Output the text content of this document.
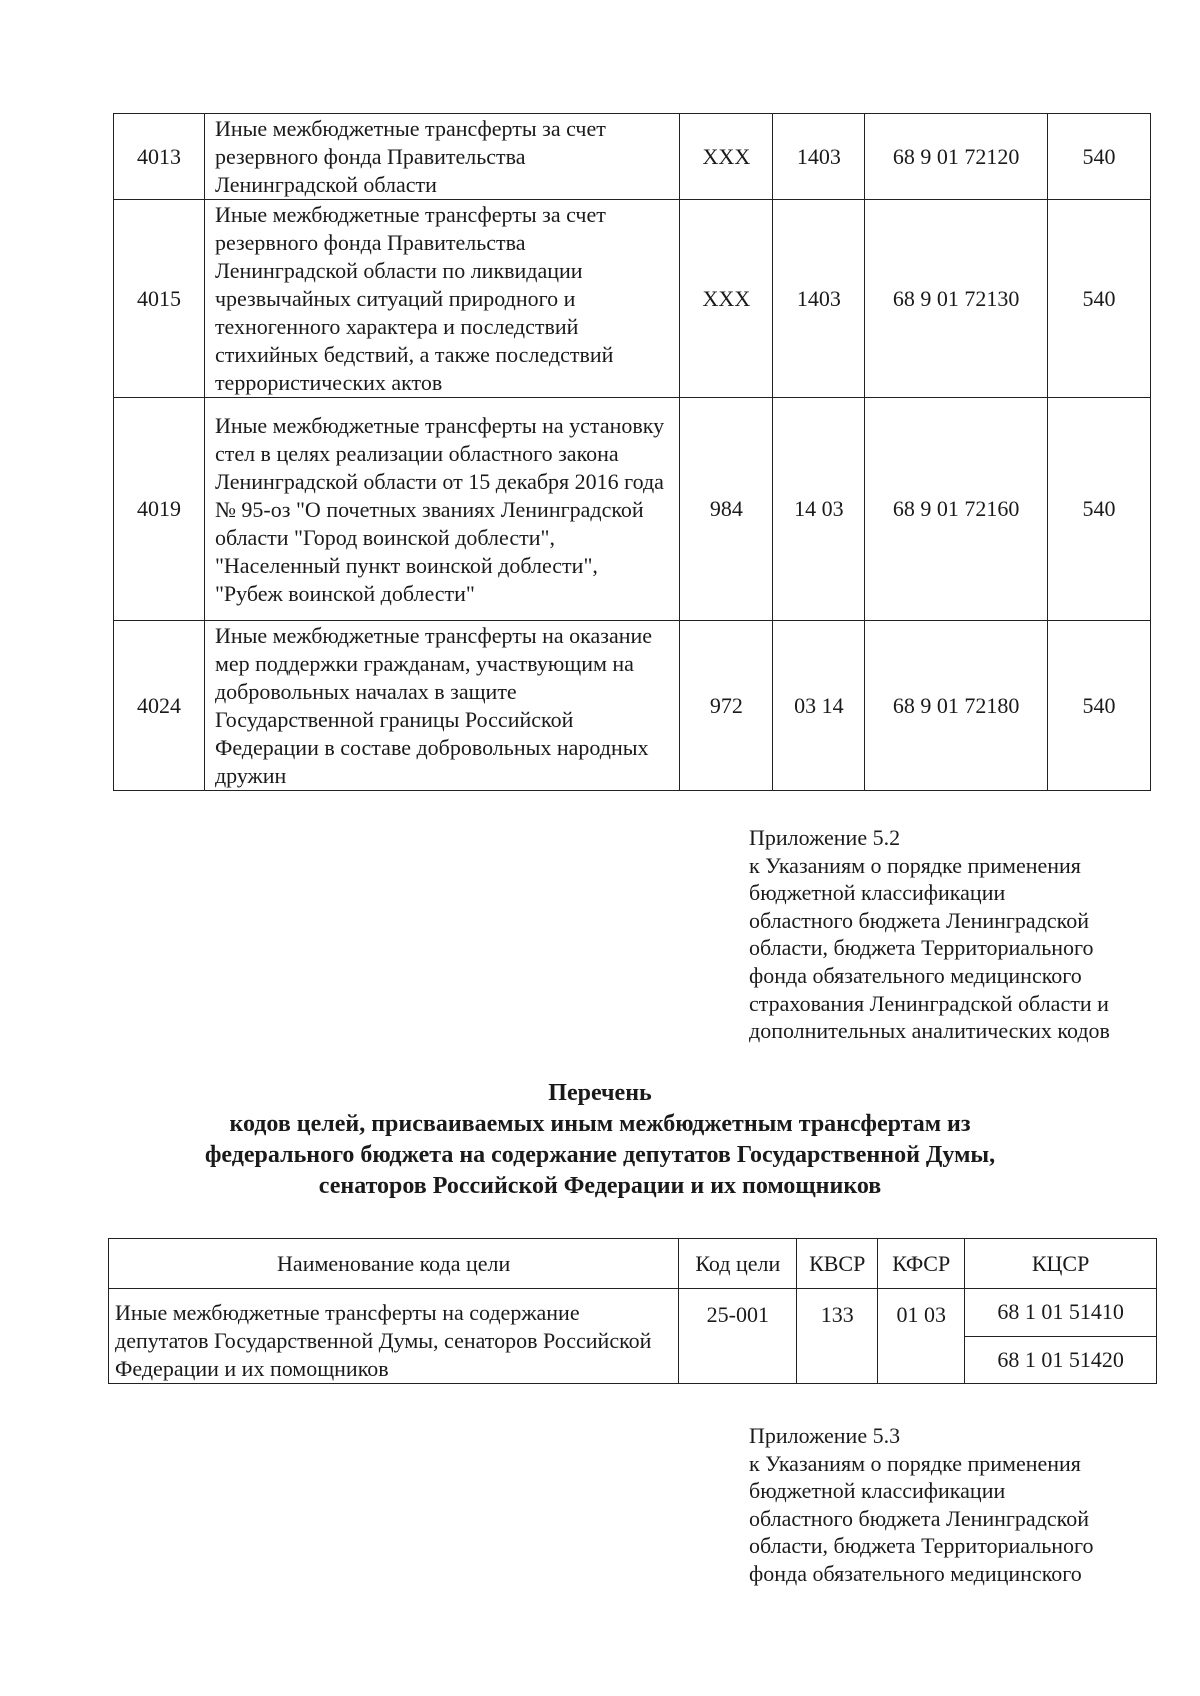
4013	Иные межбюджетные трансферты за счет резервного фонда Правительства Ленинградской области	XXX	1403	68 9 01 72120	540
4015	Иные межбюджетные трансферты за счет резервного фонда Правительства Ленинградской области по ликвидации чрезвычайных ситуаций природного и техногенного характера и последствий стихийных бедствий, а также последствий террористических актов	XXX	1403	68 9 01 72130	540
4019	Иные межбюджетные трансферты на установку стел в целях реализации областного закона Ленинградской области от 15 декабря 2016 года № 95-оз "О почетных званиях Ленинградской области "Город воинской доблести", "Населенный пункт воинской доблести", "Рубеж воинской доблести"	984	14 03	68 9 01 72160	540
4024	Иные межбюджетные трансферты на оказание мер поддержки гражданам, участвующим на добровольных началах в защите Государственной границы Российской Федерации в составе добровольных народных дружин	972	03 14	68 9 01 72180	540
Приложение 5.2
к Указаниям о порядке применения
бюджетной классификации
областного бюджета Ленинградской
области, бюджета Территориального
фонда обязательного медицинского
страхования Ленинградской области и
дополнительных аналитических кодов
Перечень
кодов целей, присваиваемых иным межбюджетным трансфертам из
федерального бюджета на содержание депутатов Государственной Думы,
сенаторов Российской Федерации и их помощников
Наименование кода цели	Код цели	КВСР	КФСР	КЦСР
Иные межбюджетные трансферты на содержание депутатов Государственной Думы, сенаторов Российской Федерации и их помощников	25-001	133	01 03	68 1 01 51410
				68 1 01 51420
Приложение 5.3
к Указаниям о порядке применения
бюджетной классификации
областного бюджета Ленинградской
области, бюджета Территориального
фонда обязательного медицинского
